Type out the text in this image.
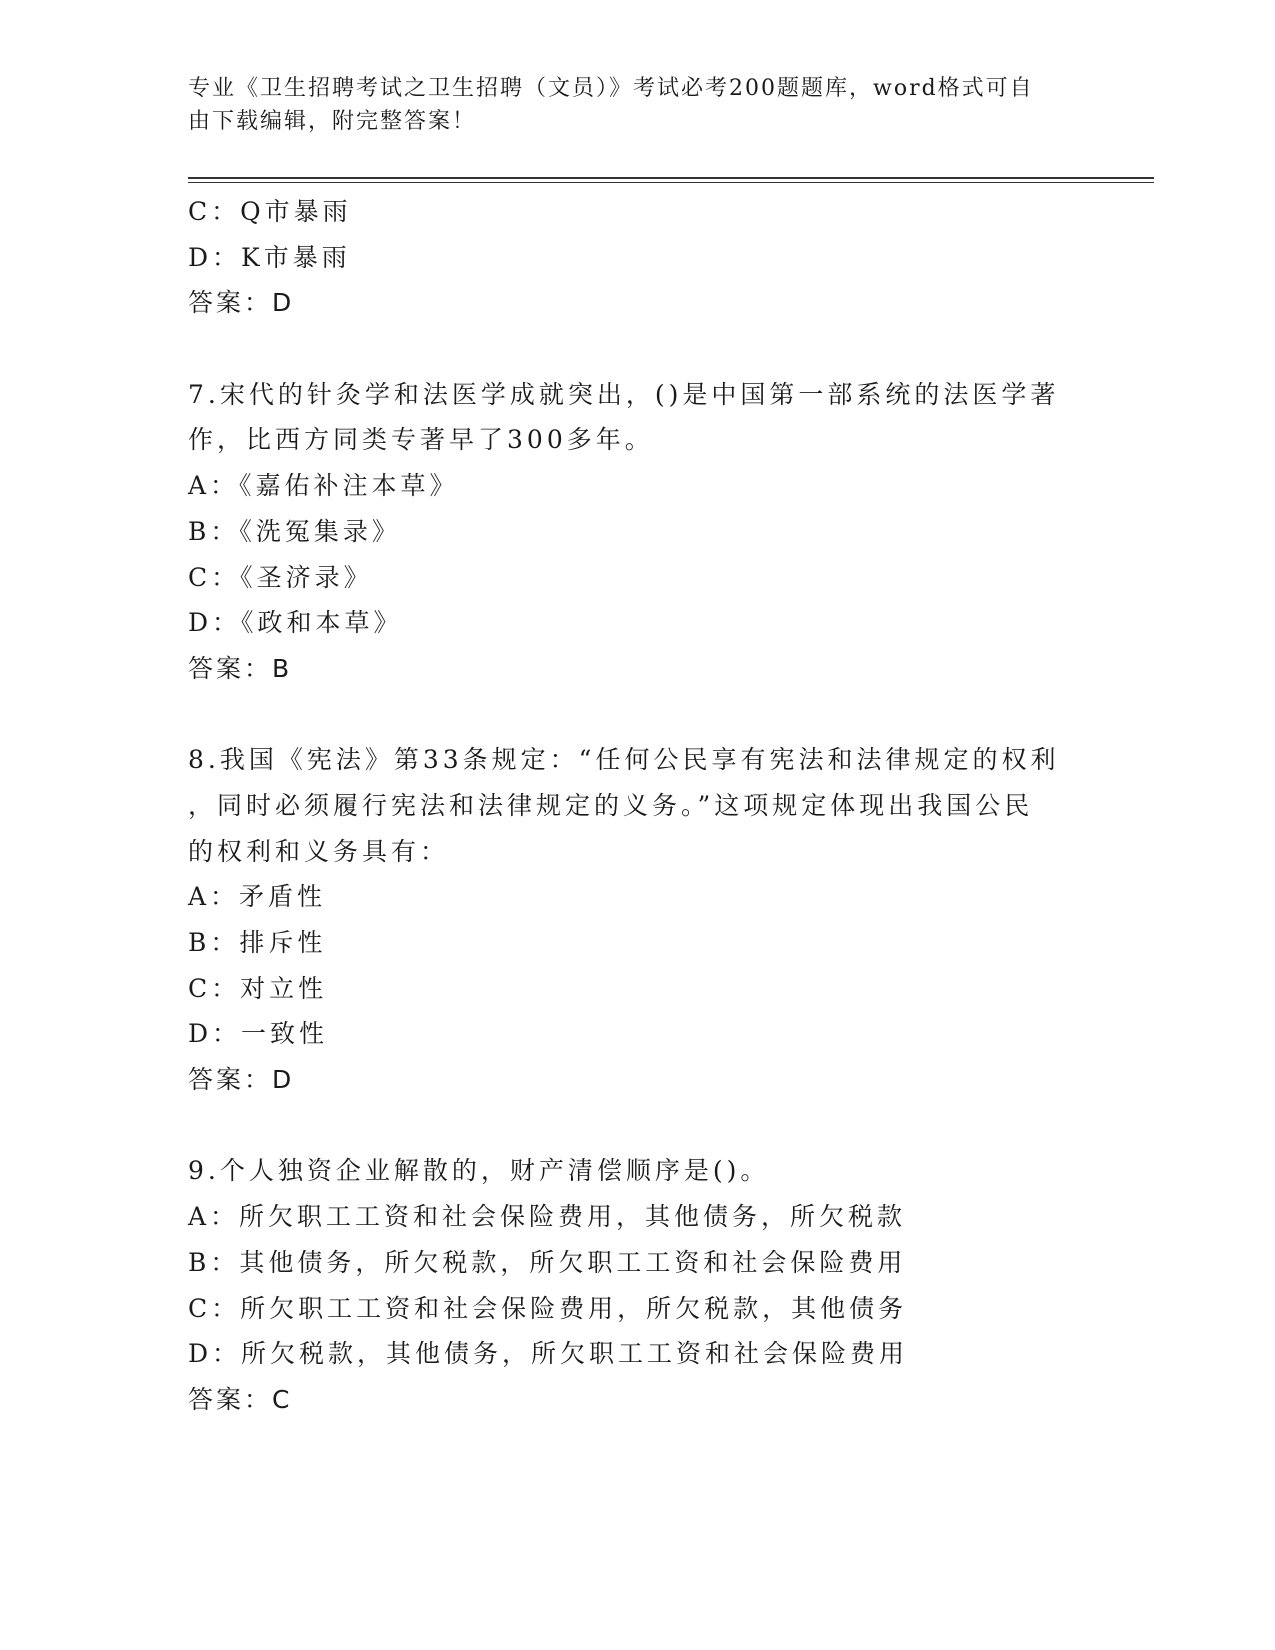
专业《卫生招聘考试之卫生招聘（文员）》考试必考200题题库，word格式可自
由下载编辑，附完整答案！
C：Q市暴雨
D：K市暴雨
答案：D
7.宋代的针灸学和法医学成就突出，()是中国第一部系统的法医学著
作，比西方同类专著早了300多年。
A：《嘉佑补注本草》
B：《洗冤集录》
C：《圣济录》
D：《政和本草》
答案：B
8.我国《宪法》第33条规定：“任何公民享有宪法和法律规定的权利
，同时必须履行宪法和法律规定的义务。”这项规定体现出我国公民
的权利和义务具有：
A：矛盾性
B：排斥性
C：对立性
D：一致性
答案：D
9.个人独资企业解散的，财产清偿顺序是()。
A：所欠职工工资和社会保险费用，其他债务，所欠税款
B：其他债务，所欠税款，所欠职工工资和社会保险费用
C：所欠职工工资和社会保险费用，所欠税款，其他债务
D：所欠税款，其他债务，所欠职工工资和社会保险费用
答案：C
